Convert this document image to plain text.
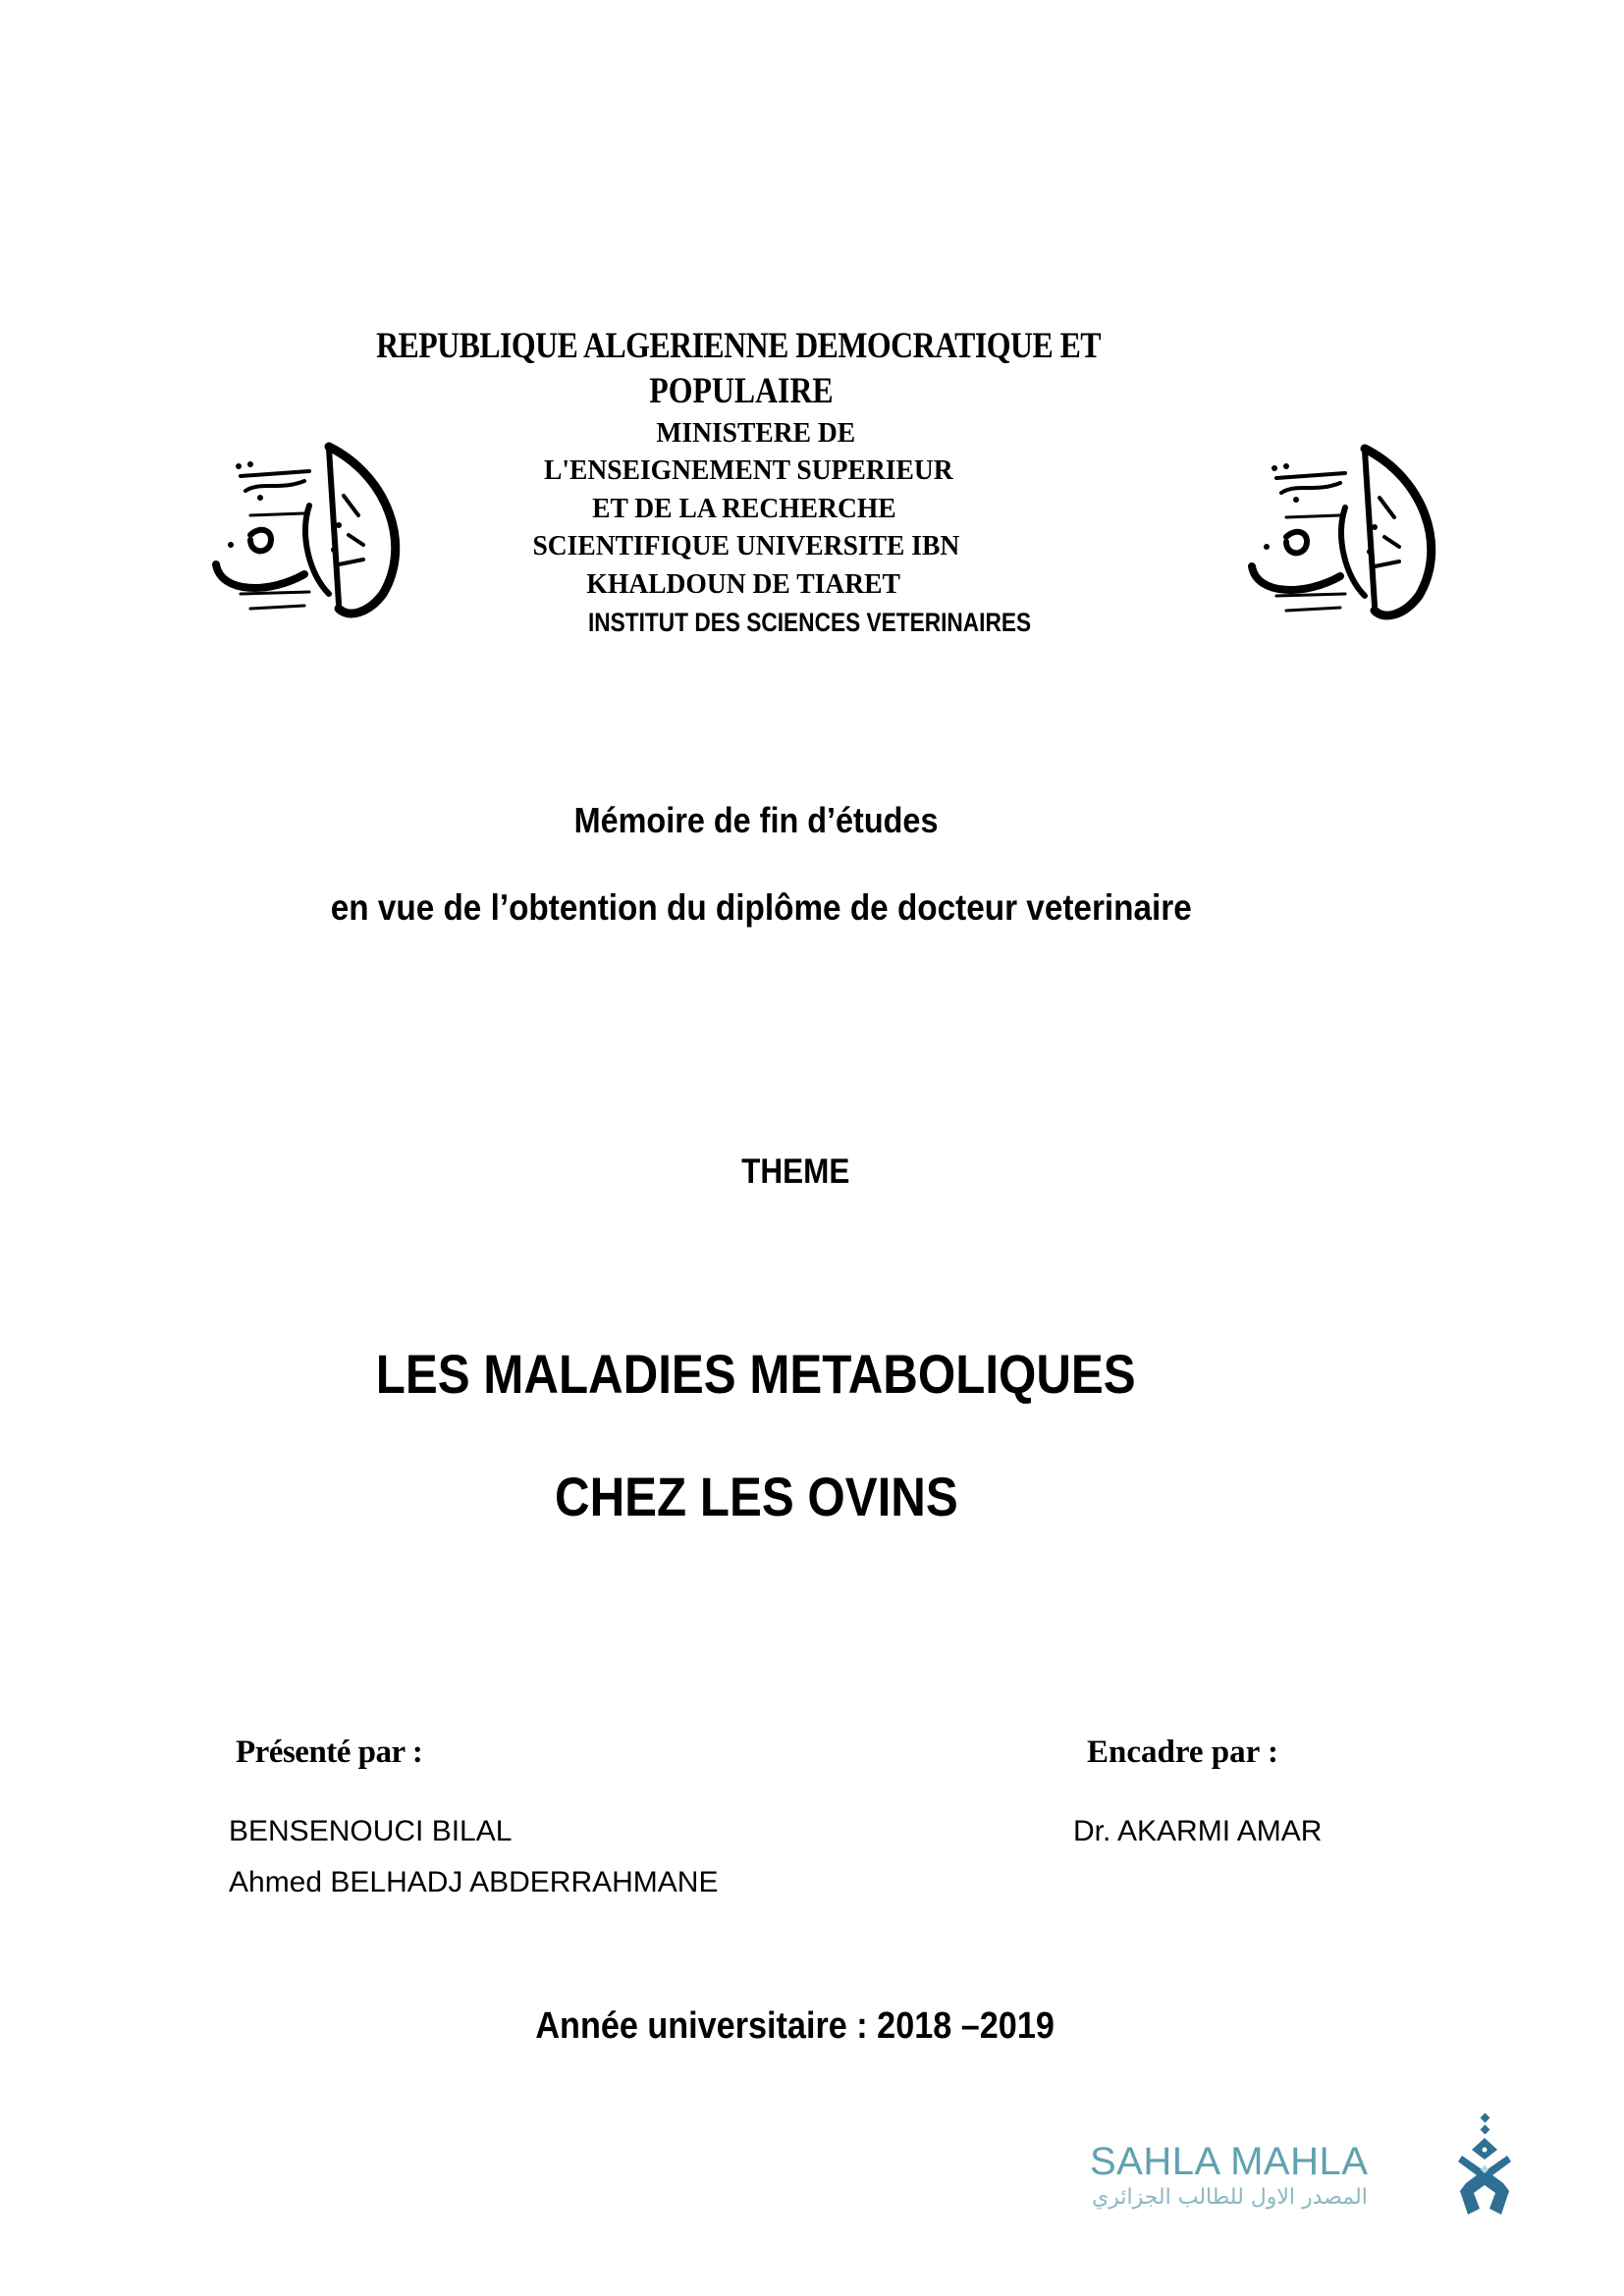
REPUBLIQUE ALGERIENNE DEMOCRATIQUE ET
POPULAIRE
MINISTERE DE
L'ENSEIGNEMENT SUPERIEUR
ET DE LA RECHERCHE
SCIENTIFIQUE UNIVERSITE IBN
KHALDOUN DE TIARET
INSTITUT DES SCIENCES VETERINAIRES
Mémoire de fin d’études
en vue de l’obtention du diplôme de docteur veterinaire
THEME
LES MALADIES METABOLIQUES
CHEZ LES OVINS
Présenté par :	Encadre par :
BENSENOUCI BILAL
Ahmed BELHADJ ABDERRAHMANE
Dr. AKARMI AMAR
Année universitaire : 2018 –2019
SAHLA MAHLA
المصدر الاول للطالب الجزائري
